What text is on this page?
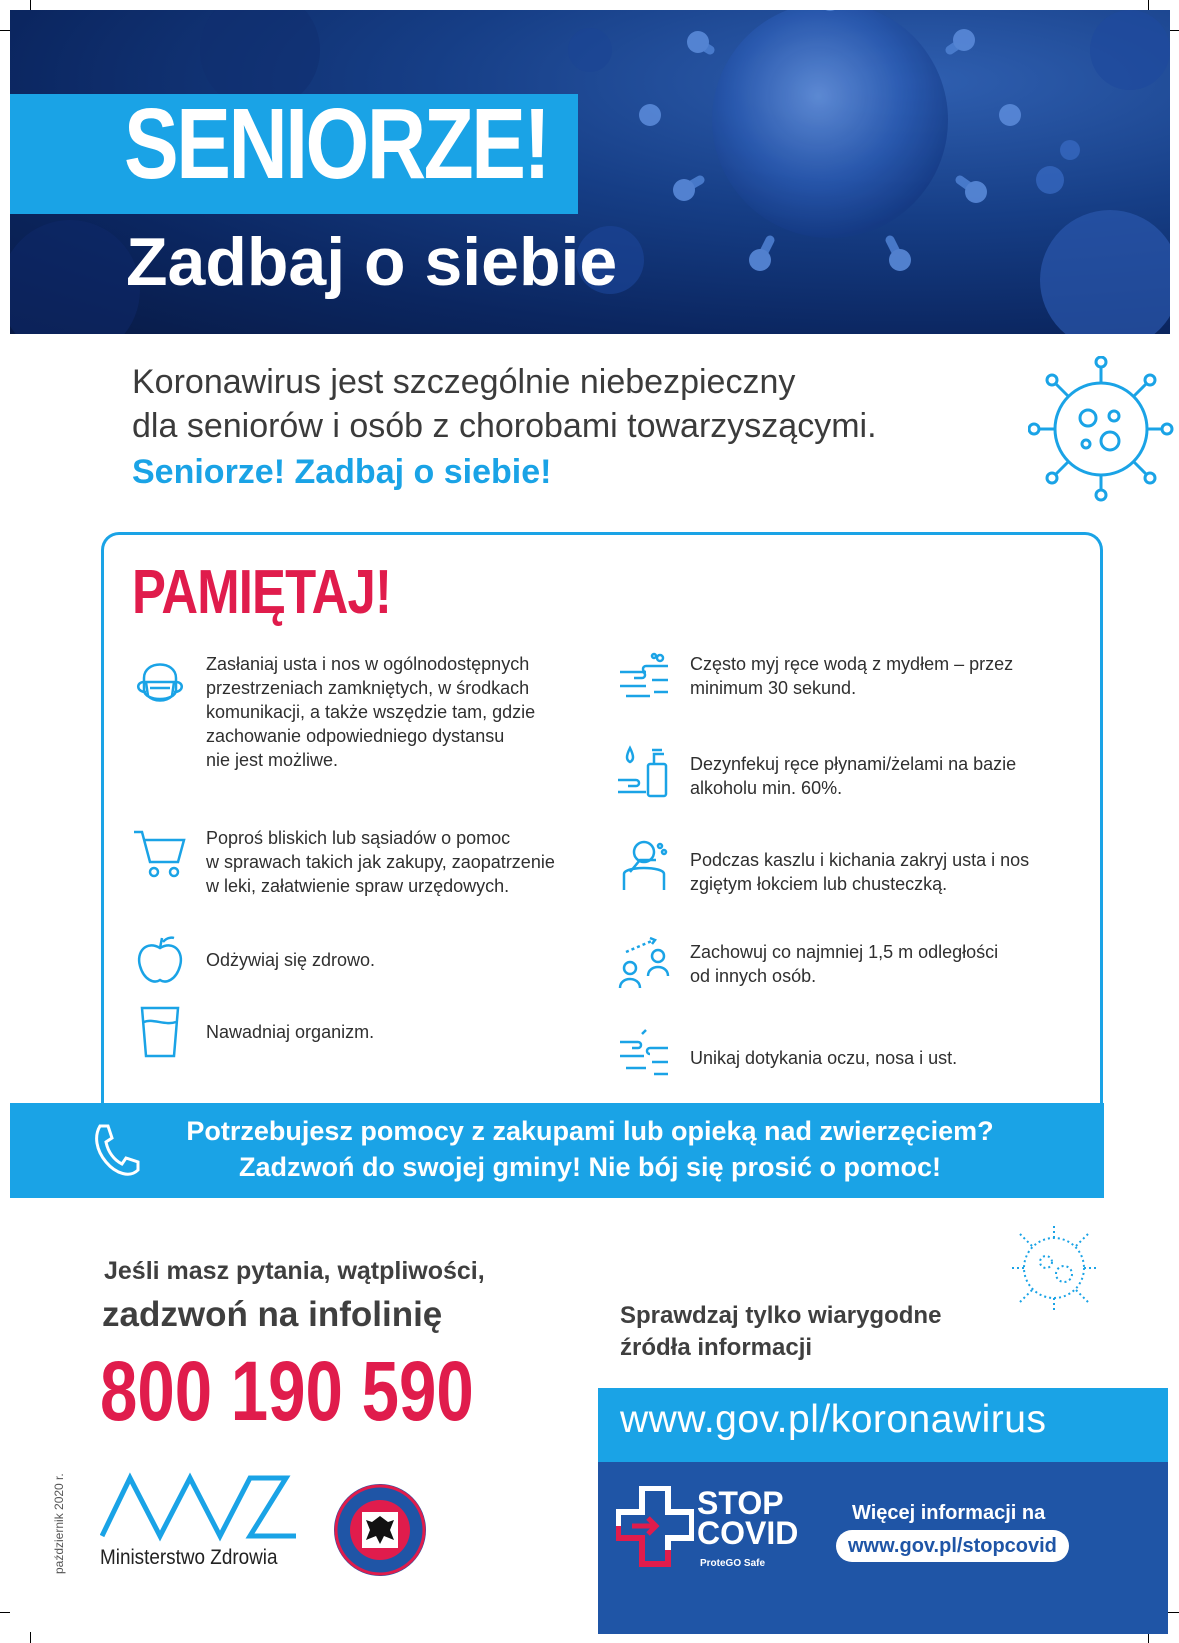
SENIORZE!
Zadbaj o siebie
Koronawirus jest szczególnie niebezpieczny
dla seniorów i osób z chorobami towarzyszącymi.
Seniorze! Zadbaj o siebie!
PAMIĘTAJ!
Zasłaniaj usta i nos w ogólnodostępnych
przestrzeniach zamkniętych, w środkach
komunikacji, a także wszędzie tam, gdzie
zachowanie odpowiedniego dystansu
nie jest możliwe.
Poproś bliskich lub sąsiadów o pomoc
w sprawach takich jak zakupy, zaopatrzenie
w leki, załatwienie spraw urzędowych.
Odżywiaj się zdrowo.
Nawadniaj organizm.
Często myj ręce wodą z mydłem – przez
minimum 30 sekund.
Dezynfekuj ręce płynami/żelami na bazie
alkoholu min. 60%.
Podczas kaszlu i kichania zakryj usta i nos
zgiętym łokciem lub chusteczką.
Zachowuj co najmniej 1,5 m odległości
od innych osób.
Unikaj dotykania oczu, nosa i ust.
Potrzebujesz pomocy z zakupami lub opieką nad zwierzęciem?
Zadzwoń do swojej gminy! Nie bój się prosić o pomoc!
Jeśli masz pytania, wątpliwości,
zadzwoń na infolinię
800 190 590
październik 2020 r. Ministerstwo Zdrowia
Sprawdzaj tylko wiarygodne
źródła informacji
www.gov.pl/koronawirus
STOP
COVID
ProteGO Safe
Więcej informacji na
www.gov.pl/stopcovid
